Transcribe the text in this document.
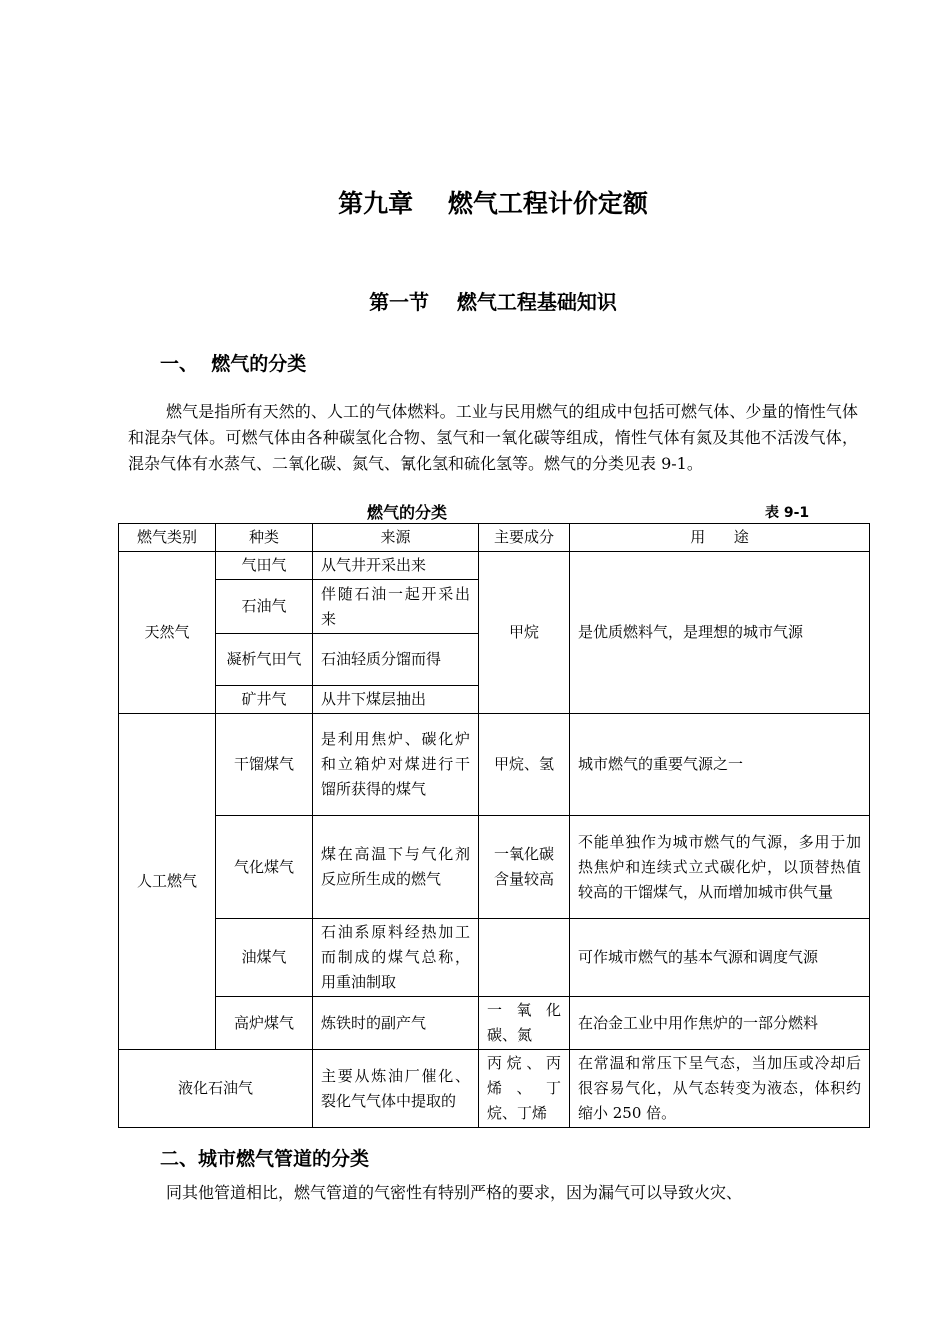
第九章    燃气工程计价定额
第一节    燃气工程基础知识
一、  燃气的分类
燃气是指所有天然的、人工的气体燃料。工业与民用燃气的组成中包括可燃气体、少量的惰性气体和混杂气体。可燃气体由各种碳氢化合物、氢气和一氧化碳等组成，惰性气体有氮及其他不活泼气体，混杂气体有水蒸气、二氧化碳、氮气、氰化氢和硫化氢等。燃气的分类见表 9-1。
燃气的分类	表 9-1
燃气类别	种类	来源	主要成分	用      途
天然气	气田气	从气井开采出来	甲烷	是优质燃料气，是理想的城市气源
	石油气	伴随石油一起开采出来		
	凝析气田气	石油轻质分馏而得		
	矿井气	从井下煤层抽出		
人工燃气	干馏煤气	是利用焦炉、碳化炉和立箱炉对煤进行干馏所获得的煤气	甲烷、氢	城市燃气的重要气源之一
	气化煤气	煤在高温下与气化剂反应所生成的燃气	一氧化碳含量较高	不能单独作为城市燃气的气源，多用于加热焦炉和连续式立式碳化炉，以顶替热值较高的干馏煤气，从而增加城市供气量
	油煤气	石油系原料经热加工而制成的煤气总称，用重油制取		可作城市燃气的基本气源和调度气源
	高炉煤气	炼铁时的副产气	一氧化碳、氮	在冶金工业中用作焦炉的一部分燃料
液化石油气		主要从炼油厂催化、裂化气气体中提取的	丙烷、丙烯、丁烷、丁烯	在常温和常压下呈气态，当加压或冷却后很容易气化，从气态转变为液态，体积约缩小 250 倍。
二、城市燃气管道的分类
同其他管道相比，燃气管道的气密性有特别严格的要求，因为漏气可以导致火灾、
